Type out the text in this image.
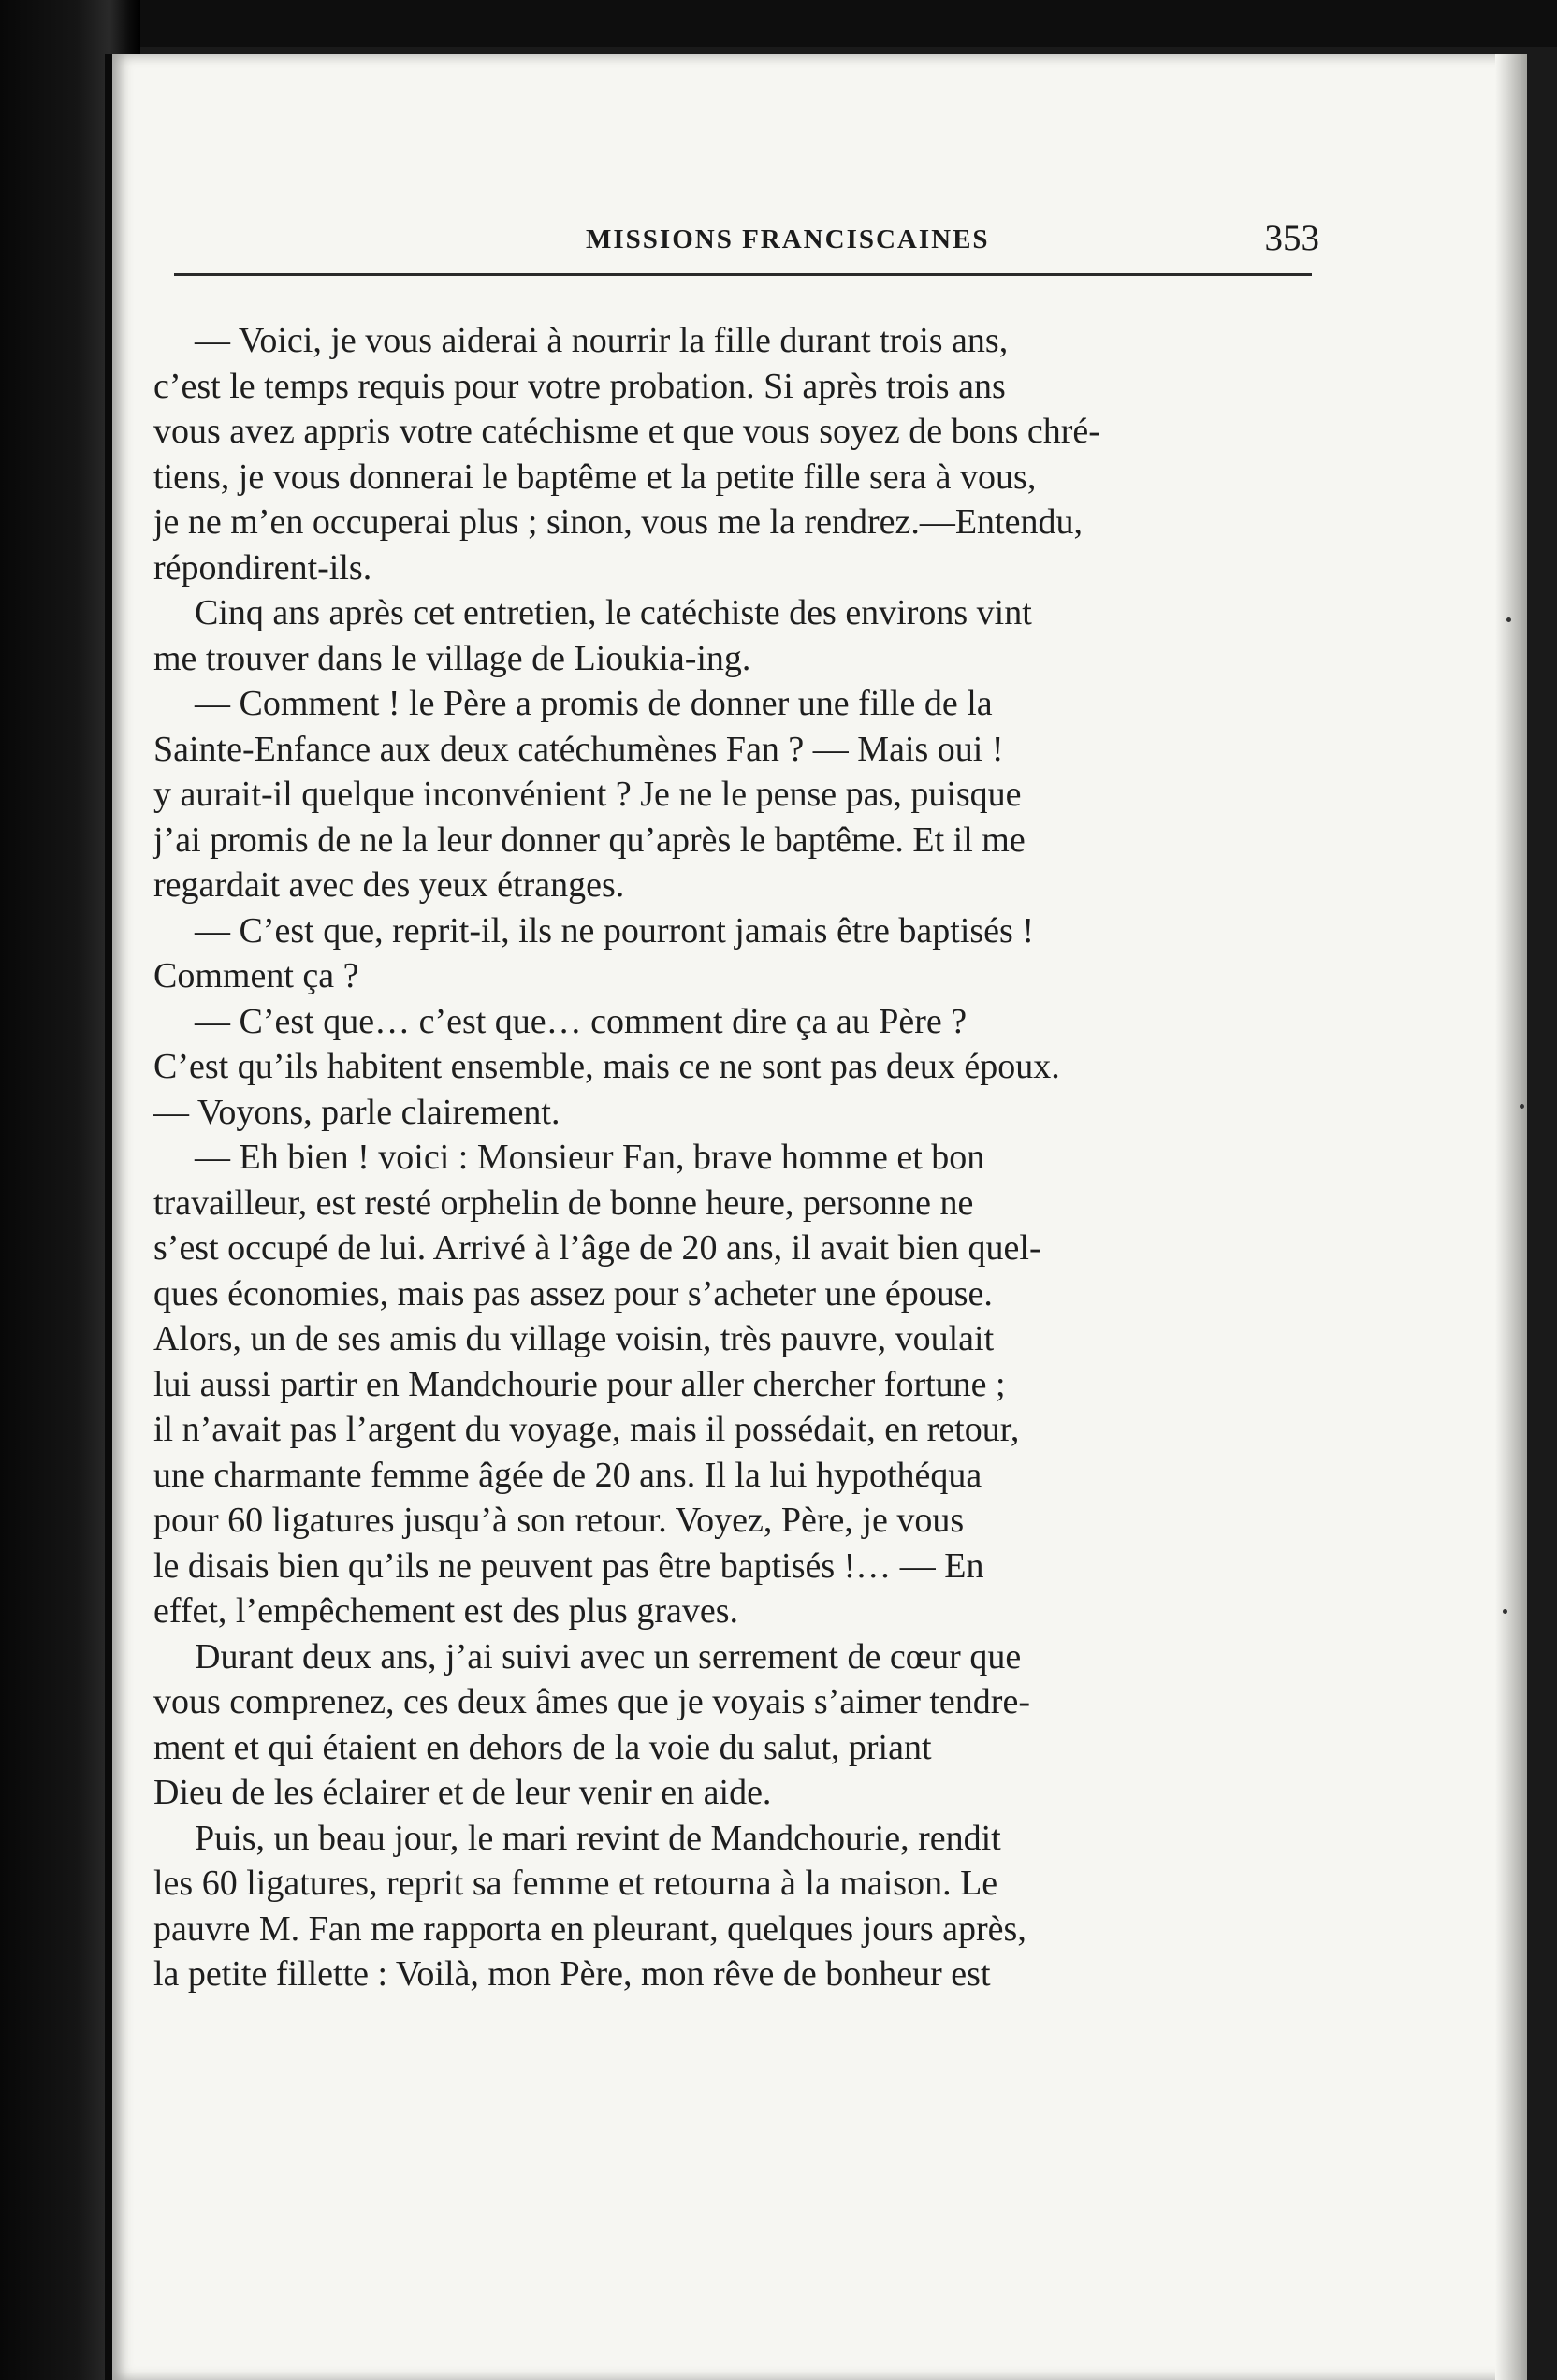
MISSIONS FRANCISCAINES	353
— Voici, je vous aiderai à nourrir la fille durant trois ans,
c’est le temps requis pour votre probation. Si après trois ans
vous avez appris votre catéchisme et que vous soyez de bons chré-
tiens, je vous donnerai le baptême et la petite fille sera à vous,
je ne m’en occuperai plus ; sinon, vous me la rendrez.—Entendu,
répondirent-ils.
Cinq ans après cet entretien, le catéchiste des environs vint
me trouver dans le village de Lioukia-ing.
— Comment ! le Père a promis de donner une fille de la
Sainte-Enfance aux deux catéchumènes Fan ? — Mais oui !
y aurait-il quelque inconvénient ? Je ne le pense pas, puisque
j’ai promis de ne la leur donner qu’après le baptême. Et il me
regardait avec des yeux étranges.
— C’est que, reprit-il, ils ne pourront jamais être baptisés !
Comment ça ?
— C’est que… c’est que… comment dire ça au Père ?
C’est qu’ils habitent ensemble, mais ce ne sont pas deux époux.
— Voyons, parle clairement.
— Eh bien ! voici : Monsieur Fan, brave homme et bon
travailleur, est resté orphelin de bonne heure, personne ne
s’est occupé de lui. Arrivé à l’âge de 20 ans, il avait bien quel-
ques économies, mais pas assez pour s’acheter une épouse.
Alors, un de ses amis du village voisin, très pauvre, voulait
lui aussi partir en Mandchourie pour aller chercher fortune ;
il n’avait pas l’argent du voyage, mais il possédait, en retour,
une charmante femme âgée de 20 ans. Il la lui hypothéqua
pour 60 ligatures jusqu’à son retour. Voyez, Père, je vous
le disais bien qu’ils ne peuvent pas être baptisés !… — En
effet, l’empêchement est des plus graves.
Durant deux ans, j’ai suivi avec un serrement de cœur que
vous comprenez, ces deux âmes que je voyais s’aimer tendre-
ment et qui étaient en dehors de la voie du salut, priant
Dieu de les éclairer et de leur venir en aide.
Puis, un beau jour, le mari revint de Mandchourie, rendit
les 60 ligatures, reprit sa femme et retourna à la maison. Le
pauvre M. Fan me rapporta en pleurant, quelques jours après,
la petite fillette : Voilà, mon Père, mon rêve de bonheur est
